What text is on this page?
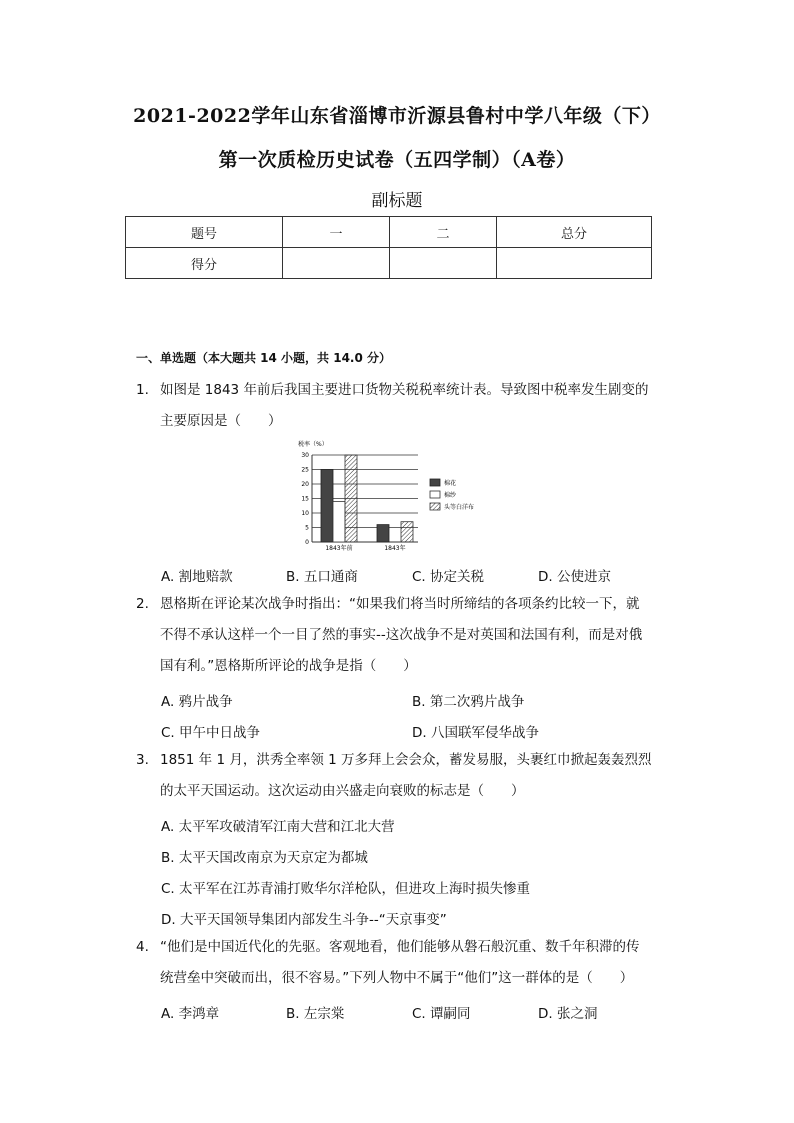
2021-2022学年山东省淄博市沂源县鲁村中学八年级（下）
第一次质检历史试卷（五四学制）（A卷）
副标题
题号	一	二	总分
得分			
一、单选题（本大题共 14 小题，共 14.0 分）
1. 如图是 1843 年前后我国主要进口货物关税税率统计表。导致图中税率发生剧变的
主要原因是（　　）
税率（%）
30
25
20
15
10
5
0
1843年前	1843年
棉花
棉纱
头等白洋布
A. 割地赔款	B. 五口通商	C. 协定关税	D. 公使进京
2. 恩格斯在评论某次战争时指出：“如果我们将当时所缔结的各项条约比较一下，就
不得不承认这样一个一目了然的事实--这次战争不是对英国和法国有利，而是对俄
国有利。”恩格斯所评论的战争是指（　　）
A. 鸦片战争	B. 第二次鸦片战争
C. 甲午中日战争	D. 八国联军侵华战争
3. 1851 年 1 月，洪秀全率领 1 万多拜上会会众，蓄发易服，头裹红巾掀起轰轰烈烈
的太平天国运动。这次运动由兴盛走向衰败的标志是（　　）
A. 太平军攻破清军江南大营和江北大营
B. 太平天国改南京为天京定为都城
C. 太平军在江苏青浦打败华尔洋枪队，但进攻上海时损失惨重
D. 大平天国领导集团内部发生斗争--“天京事变”
4. “他们是中国近代化的先驱。客观地看，他们能够从磐石般沉重、数千年积滞的传
统营垒中突破而出，很不容易。”下列人物中不属于“他们”这一群体的是（　　）
A. 李鸿章	B. 左宗棠	C. 谭嗣同	D. 张之洞
